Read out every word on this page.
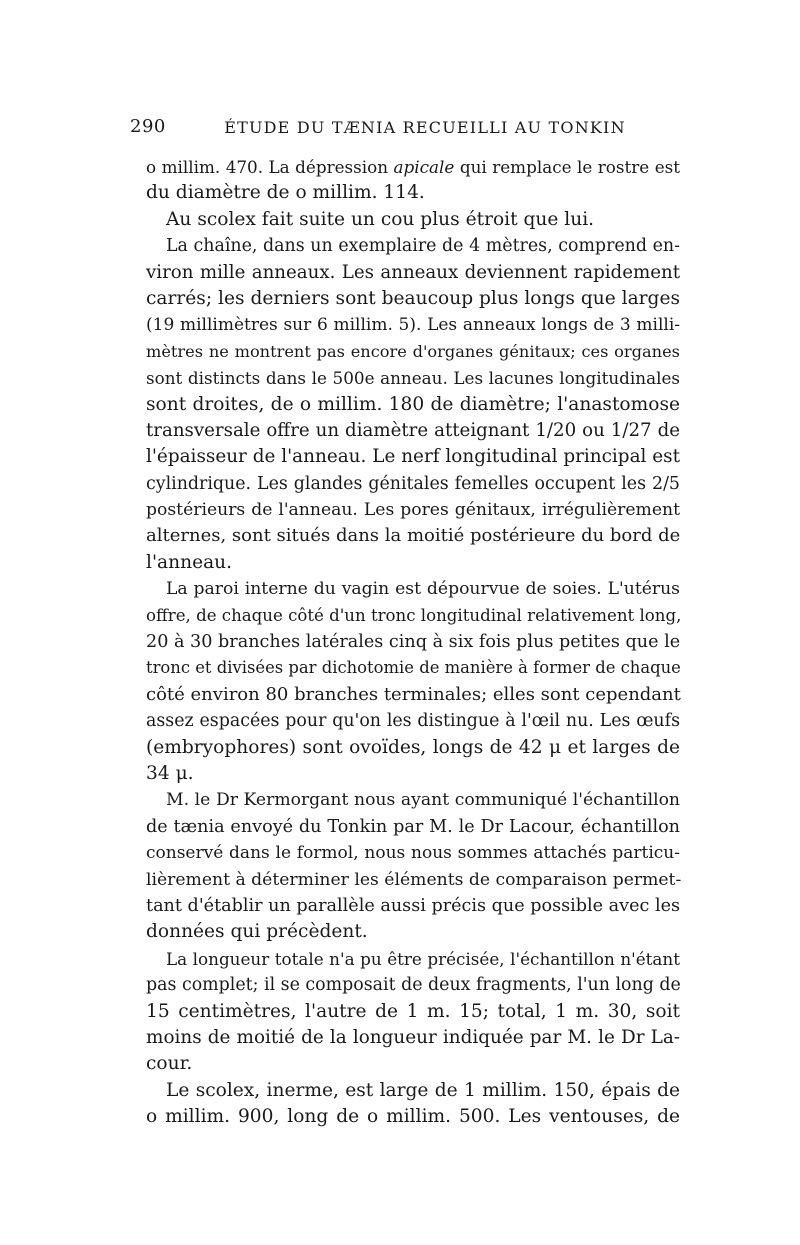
290	ÉTUDE DU TÆNIA RECUEILLI AU TONKIN
o millim. 470. La dépression apicale qui remplace le rostre est
du diamètre de o millim. 114.
Au scolex fait suite un cou plus étroit que lui.
La chaîne, dans un exemplaire de 4 mètres, comprend en-
viron mille anneaux. Les anneaux deviennent rapidement
carrés; les derniers sont beaucoup plus longs que larges
(19 millimètres sur 6 millim. 5). Les anneaux longs de 3 milli-
mètres ne montrent pas encore d'organes génitaux; ces organes
sont distincts dans le 500e anneau. Les lacunes longitudinales
sont droites, de o millim. 180 de diamètre; l'anastomose
transversale offre un diamètre atteignant 1/20 ou 1/27 de
l'épaisseur de l'anneau. Le nerf longitudinal principal est
cylindrique. Les glandes génitales femelles occupent les 2/5
postérieurs de l'anneau. Les pores génitaux, irrégulièrement
alternes, sont situés dans la moitié postérieure du bord de
l'anneau.
La paroi interne du vagin est dépourvue de soies. L'utérus
offre, de chaque côté d'un tronc longitudinal relativement long,
20 à 30 branches latérales cinq à six fois plus petites que le
tronc et divisées par dichotomie de manière à former de chaque
côté environ 80 branches terminales; elles sont cependant
assez espacées pour qu'on les distingue à l'œil nu. Les œufs
(embryophores) sont ovoïdes, longs de 42 μ et larges de
34 μ.
M. le Dr Kermorgant nous ayant communiqué l'échantillon
de tænia envoyé du Tonkin par M. le Dr Lacour, échantillon
conservé dans le formol, nous nous sommes attachés particu-
lièrement à déterminer les éléments de comparaison permet-
tant d'établir un parallèle aussi précis que possible avec les
données qui précèdent.
La longueur totale n'a pu être précisée, l'échantillon n'étant
pas complet; il se composait de deux fragments, l'un long de
15 centimètres, l'autre de 1 m. 15; total, 1 m. 30, soit
moins de moitié de la longueur indiquée par M. le Dr La-
cour.
Le scolex, inerme, est large de 1 millim. 150, épais de
o millim. 900, long de o millim. 500. Les ventouses, de
